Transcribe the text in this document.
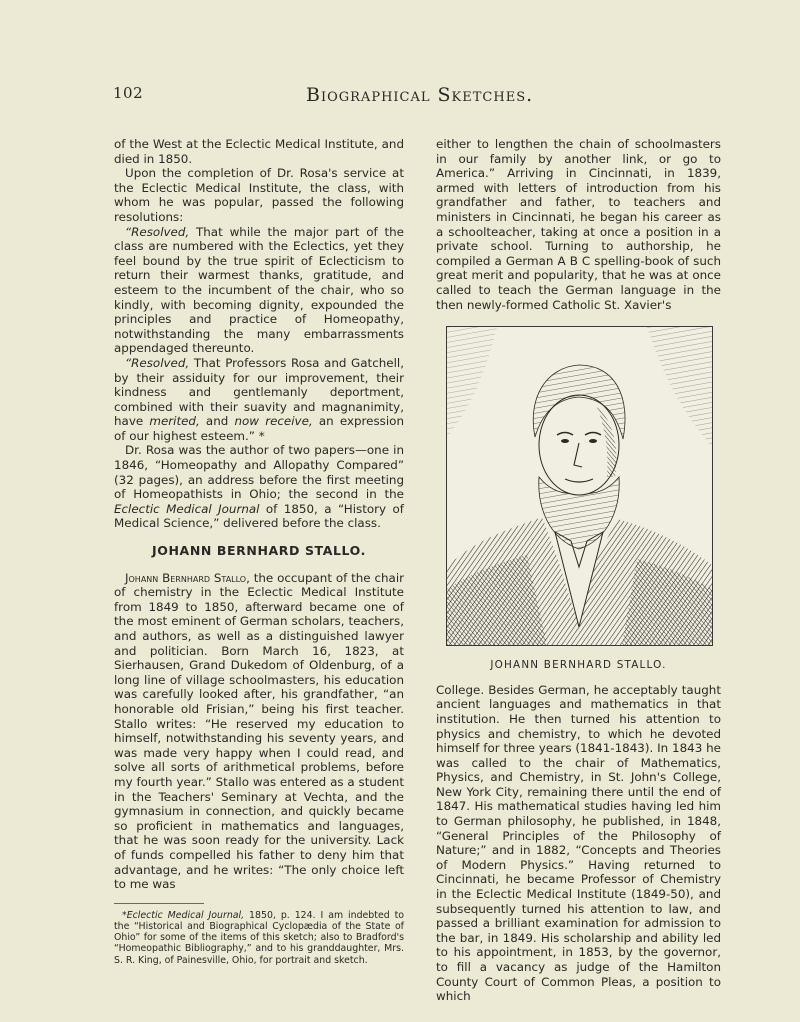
102	Biographical Sketches.

of the West at the Eclectic Medical Institute, and died in 1850.

Upon the completion of Dr. Rosa's service at the Eclectic Medical Institute, the class, with whom he was popular, passed the following resolutions:

“Resolved, That while the major part of the class are numbered with the Eclectics, yet they feel bound by the true spirit of Eclecticism to return their warmest thanks, gratitude, and esteem to the incumbent of the chair, who so kindly, with becoming dignity, expounded the principles and practice of Homeopathy, notwithstanding the many embarrassments appendaged thereunto.

“Resolved, That Professors Rosa and Gatchell, by their assiduity for our improvement, their kindness and gentlemanly deportment, combined with their suavity and magnanimity, have merited, and now receive, an expression of our highest esteem.” *

Dr. Rosa was the author of two papers—one in 1846, “Homeopathy and Allopathy Compared” (32 pages), an address before the first meeting of Homeopathists in Ohio; the second in the Eclectic Medical Journal of 1850, a “History of Medical Science,” delivered before the class.

JOHANN BERNHARD STALLO.

Johann Bernhard Stallo, the occupant of the chair of chemistry in the Eclectic Medical Institute from 1849 to 1850, afterward became one of the most eminent of German scholars, teachers, and authors, as well as a distinguished lawyer and politician. Born March 16, 1823, at Sierhausen, Grand Dukedom of Oldenburg, of a long line of village schoolmasters, his education was carefully looked after, his grandfather, “an honorable old Frisian,” being his first teacher. Stallo writes: “He reserved my education to himself, notwithstanding his seventy years, and was made very happy when I could read, and solve all sorts of arithmetical problems, before my fourth year.” Stallo was entered as a student in the Teachers' Seminary at Vechta, and the gymnasium in connection, and quickly became so proficient in mathematics and languages, that he was soon ready for the university. Lack of funds compelled his father to deny him that advantage, and he writes: “The only choice left to me was

*Eclectic Medical Journal, 1850, p. 124. I am indebted to the “Historical and Biographical Cyclopædia of the State of Ohio” for some of the items of this sketch; also to Bradford's “Homeopathic Bibliography,” and to his granddaughter, Mrs. S. R. King, of Painesville, Ohio, for portrait and sketch.

either to lengthen the chain of schoolmasters in our family by another link, or go to America.” Arriving in Cincinnati, in 1839, armed with letters of introduction from his grandfather and father, to teachers and ministers in Cincinnati, he began his career as a schoolteacher, taking at once a position in a private school. Turning to authorship, he compiled a German A B C spelling-book of such great merit and popularity, that he was at once called to teach the German language in the then newly-formed Catholic St. Xavier's

JOHANN BERNHARD STALLO.

College. Besides German, he acceptably taught ancient languages and mathematics in that institution. He then turned his attention to physics and chemistry, to which he devoted himself for three years (1841-1843). In 1843 he was called to the chair of Mathematics, Physics, and Chemistry, in St. John's College, New York City, remaining there until the end of 1847. His mathematical studies having led him to German philosophy, he published, in 1848, “General Principles of the Philosophy of Nature;” and in 1882, “Concepts and Theories of Modern Physics.” Having returned to Cincinnati, he became Professor of Chemistry in the Eclectic Medical Institute (1849-50), and subsequently turned his attention to law, and passed a brilliant examination for admission to the bar, in 1849. His scholarship and ability led to his appointment, in 1853, by the governor, to fill a vacancy as judge of the Hamilton County Court of Common Pleas, a position to which
